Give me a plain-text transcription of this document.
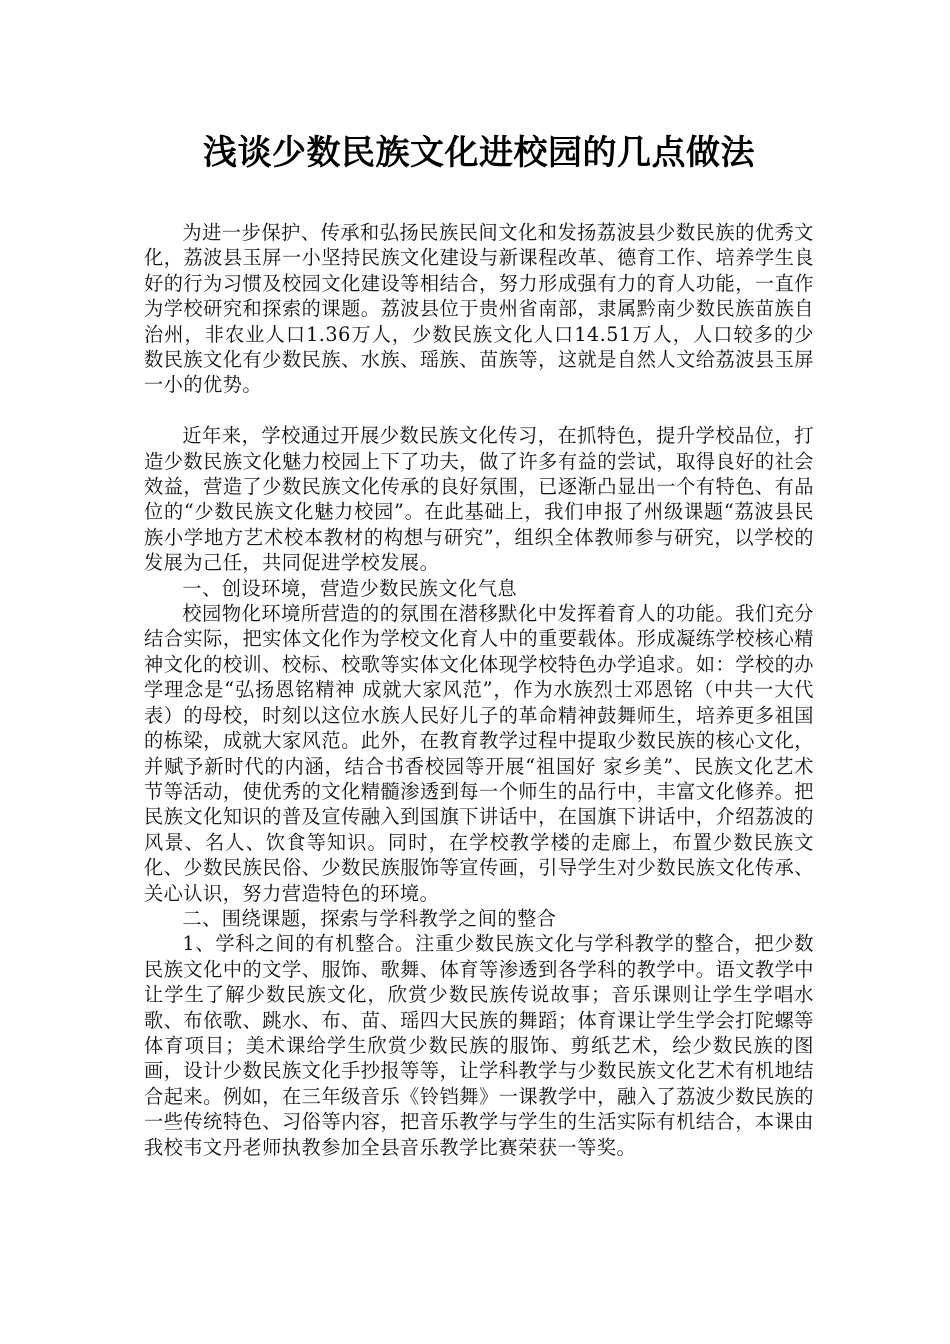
浅谈少数民族文化进校园的几点做法

为进一步保护、传承和弘扬民族民间文化和发扬荔波县少数民族的优秀文化，荔波县玉屏一小坚持民族文化建设与新课程改革、德育工作、培养学生良好的行为习惯及校园文化建设等相结合，努力形成强有力的育人功能，一直作为学校研究和探索的课题。荔波县位于贵州省南部，隶属黔南少数民族苗族自治州，非农业人口1.36万人，少数民族文化人口14.51万人，人口较多的少数民族文化有少数民族、水族、瑶族、苗族等，这就是自然人文给荔波县玉屏一小的优势。

近年来，学校通过开展少数民族文化传习，在抓特色，提升学校品位，打造少数民族文化魅力校园上下了功夫，做了许多有益的尝试，取得良好的社会效益，营造了少数民族文化传承的良好氛围，已逐渐凸显出一个有特色、有品位的“少数民族文化魅力校园”。在此基础上，我们申报了州级课题“荔波县民族小学地方艺术校本教材的构想与研究”，组织全体教师参与研究，以学校的发展为己任，共同促进学校发展。

一、创设环境，营造少数民族文化气息

校园物化环境所营造的的氛围在潜移默化中发挥着育人的功能。我们充分结合实际，把实体文化作为学校文化育人中的重要载体。形成凝练学校核心精神文化的校训、校标、校歌等实体文化体现学校特色办学追求。如：学校的办学理念是“弘扬恩铭精神 成就大家风范”，作为水族烈士邓恩铭（中共一大代表）的母校，时刻以这位水族人民好儿子的革命精神鼓舞师生，培养更多祖国的栋梁，成就大家风范。此外，在教育教学过程中提取少数民族的核心文化，并赋予新时代的内涵，结合书香校园等开展“祖国好 家乡美”、民族文化艺术节等活动，使优秀的文化精髓渗透到每一个师生的品行中，丰富文化修养。把民族文化知识的普及宣传融入到国旗下讲话中，在国旗下讲话中，介绍荔波的风景、名人、饮食等知识。同时，在学校教学楼的走廊上，布置少数民族文化、少数民族民俗、少数民族服饰等宣传画，引导学生对少数民族文化传承、关心认识，努力营造特色的环境。

二、围绕课题，探索与学科教学之间的整合

1、学科之间的有机整合。注重少数民族文化与学科教学的整合，把少数民族文化中的文学、服饰、歌舞、体育等渗透到各学科的教学中。语文教学中让学生了解少数民族文化，欣赏少数民族传说故事；音乐课则让学生学唱水歌、布依歌、跳水、布、苗、瑶四大民族的舞蹈；体育课让学生学会打陀螺等体育项目；美术课给学生欣赏少数民族的服饰、剪纸艺术，绘少数民族的图画，设计少数民族文化手抄报等等，让学科教学与少数民族文化艺术有机地结合起来。例如，在三年级音乐《铃铛舞》一课教学中，融入了荔波少数民族的一些传统特色、习俗等内容，把音乐教学与学生的生活实际有机结合，本课由我校韦文丹老师执教参加全县音乐教学比赛荣获一等奖。
